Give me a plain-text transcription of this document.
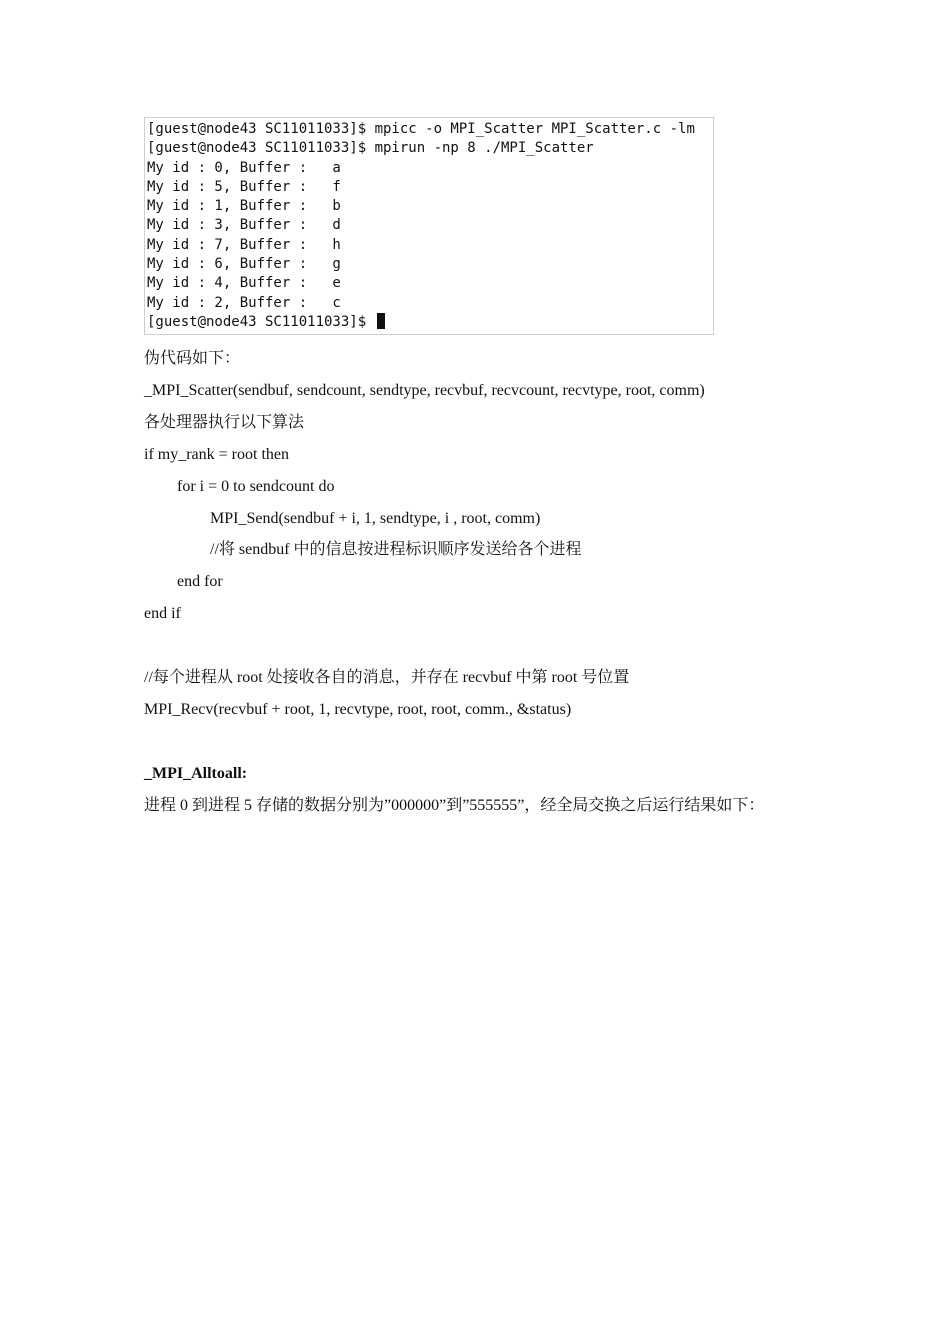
[guest@node43 SC11011033]$ mpicc -o MPI_Scatter MPI_Scatter.c -lm
[guest@node43 SC11011033]$ mpirun -np 8 ./MPI_Scatter
My id : 0, Buffer :   a
My id : 5, Buffer :   f
My id : 1, Buffer :   b
My id : 3, Buffer :   d
My id : 7, Buffer :   h
My id : 6, Buffer :   g
My id : 4, Buffer :   e
My id : 2, Buffer :   c
[guest@node43 SC11011033]$
伪代码如下：
_MPI_Scatter(sendbuf, sendcount, sendtype, recvbuf, recvcount, recvtype, root, comm)
各处理器执行以下算法
if my_rank = root then
for i = 0 to sendcount do
MPI_Send(sendbuf + i, 1, sendtype, i , root, comm)
//将 sendbuf 中的信息按进程标识顺序发送给各个进程
end for
end if
//每个进程从 root 处接收各自的消息，并存在 recvbuf 中第 root 号位置
MPI_Recv(recvbuf + root, 1, recvtype, root, root, comm., &status)
_MPI_Alltoall:
进程 0 到进程 5 存储的数据分别为”000000”到”555555”，经全局交换之后运行结果如下：
